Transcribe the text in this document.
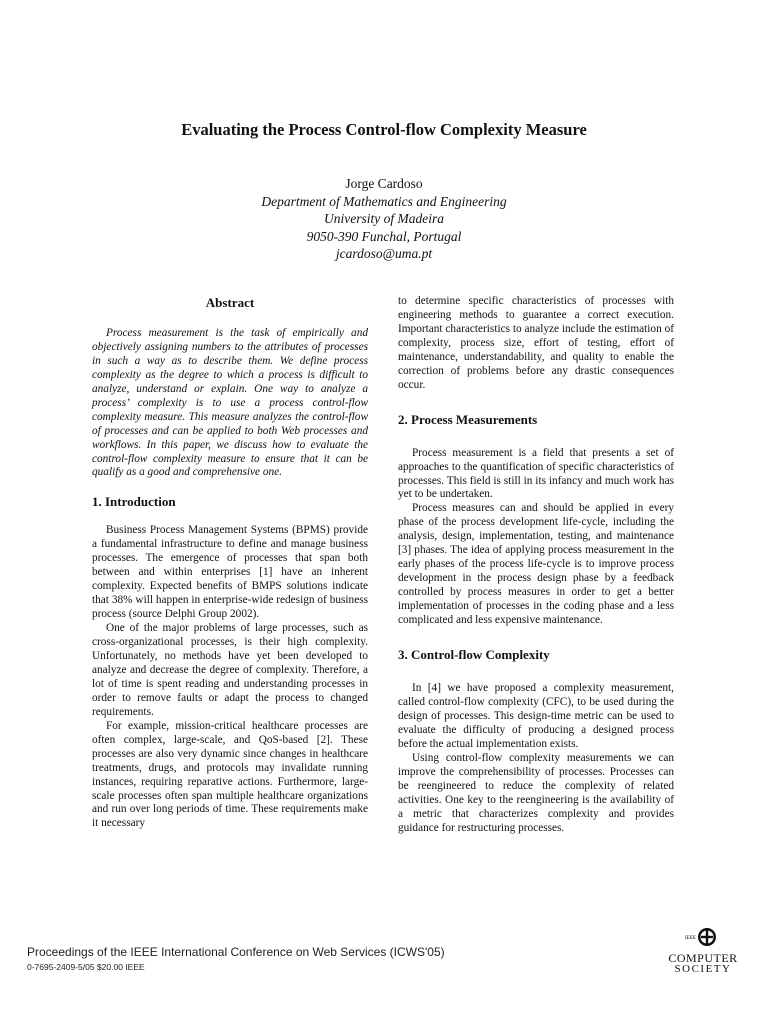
Evaluating the Process Control-flow Complexity Measure
Jorge Cardoso
Department of Mathematics and Engineering
University of Madeira
9050-390 Funchal, Portugal
jcardoso@uma.pt
Abstract

Process measurement is the task of empirically and objectively assigning numbers to the attributes of processes in such a way as to describe them. We define process complexity as the degree to which a process is difficult to analyze, understand or explain. One way to analyze a process’ complexity is to use a process control-flow complexity measure. This measure analyzes the control-flow of processes and can be applied to both Web processes and workflows. In this paper, we discuss how to evaluate the control-flow complexity measure to ensure that it can be qualify as a good and comprehensive one.

1. Introduction

Business Process Management Systems (BPMS) provide a fundamental infrastructure to define and manage business processes. The emergence of processes that span both between and within enterprises [1] have an inherent complexity. Expected benefits of BMPS solutions indicate that 38% will happen in enterprise-wide redesign of business process (source Delphi Group 2002).

One of the major problems of large processes, such as cross-organizational processes, is their high complexity. Unfortunately, no methods have yet been developed to analyze and decrease the degree of complexity. Therefore, a lot of time is spent reading and understanding processes in order to remove faults or adapt the process to changed requirements.

For example, mission-critical healthcare processes are often complex, large-scale, and QoS-based [2]. These processes are also very dynamic since changes in healthcare treatments, drugs, and protocols may invalidate running instances, requiring reparative actions. Furthermore, large-scale processes often span multiple healthcare organizations and run over long periods of time. These requirements make it necessary

to determine specific characteristics of processes with engineering methods to guarantee a correct execution. Important characteristics to analyze include the estimation of complexity, process size, effort of testing, effort of maintenance, understandability, and quality to enable the correction of problems before any drastic consequences occur.

2. Process Measurements

Process measurement is a field that presents a set of approaches to the quantification of specific characteristics of processes. This field is still in its infancy and much work has yet to be undertaken.

Process measures can and should be applied in every phase of the process development life-cycle, including the analysis, design, implementation, testing, and maintenance [3] phases. The idea of applying process measurement in the early phases of the process life-cycle is to improve process development in the process design phase by a feedback controlled by process measures in order to get a better implementation of processes in the coding phase and a less complicated and less expensive maintenance.

3. Control-flow Complexity

In [4] we have proposed a complexity measurement, called control-flow complexity (CFC), to be used during the design of processes. This design-time metric can be used to evaluate the difficulty of producing a designed process before the actual implementation exists.

Using control-flow complexity measurements we can improve the comprehensibility of processes. Processes can be reengineered to reduce the complexity of related activities. One key to the reengineering is the availability of a metric that characterizes complexity and provides guidance for restructuring processes.

Proceedings of the IEEE International Conference on Web Services (ICWS'05)
0-7695-2409-5/05 $20.00 IEEE
IEEE
COMPUTER
SOCIETY
